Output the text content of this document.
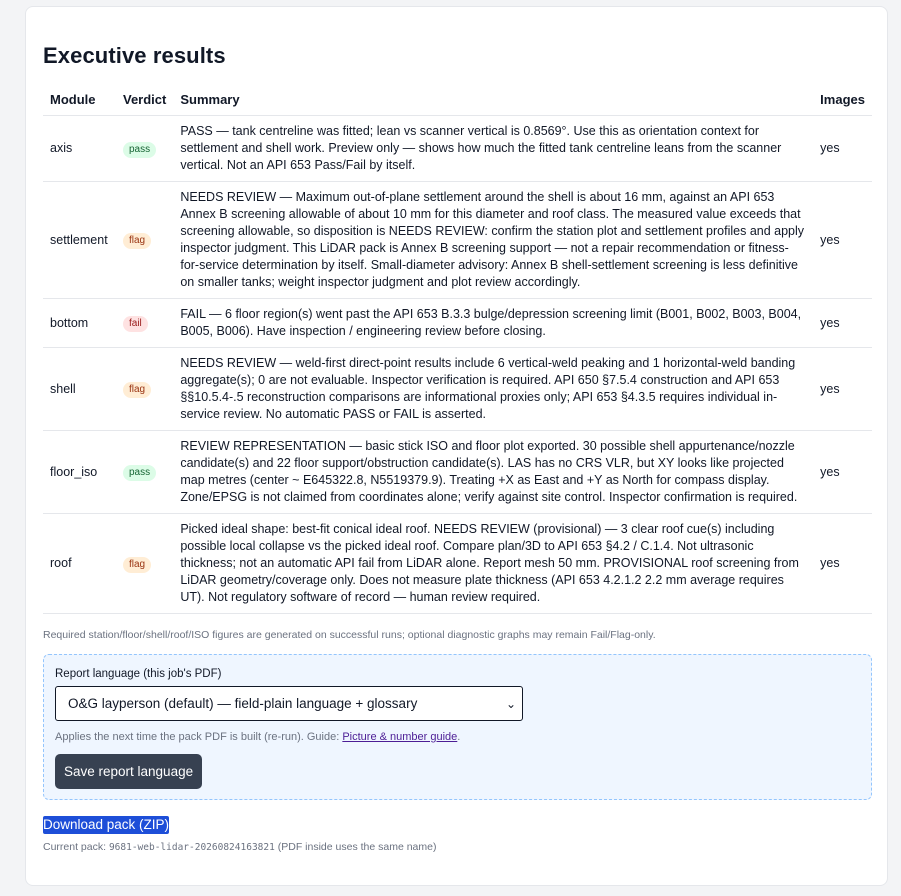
Executive results
Module	Verdict	Summary	Images
axis	pass	PASS — tank centreline was fitted; lean vs scanner vertical is 0.8569°. Use this as orientation context for settlement and shell work. Preview only — shows how much the fitted tank centreline leans from the scanner vertical. Not an API 653 Pass/Fail by itself.	yes
settlement	flag	NEEDS REVIEW — Maximum out-of-plane settlement around the shell is about 16 mm, against an API 653 Annex B screening allowable of about 10 mm for this diameter and roof class. The measured value exceeds that screening allowable, so disposition is NEEDS REVIEW: confirm the station plot and settlement profiles and apply inspector judgment. This LiDAR pack is Annex B screening support — not a repair recommendation or fitness-for-service determination by itself. Small-diameter advisory: Annex B shell-settlement screening is less definitive on smaller tanks; weight inspector judgment and plot review accordingly.	yes
bottom	fail	FAIL — 6 floor region(s) went past the API 653 B.3.3 bulge/depression screening limit (B001, B002, B003, B004, B005, B006). Have inspection / engineering review before closing.	yes
shell	flag	NEEDS REVIEW — weld-first direct-point results include 6 vertical-weld peaking and 1 horizontal-weld banding aggregate(s); 0 are not evaluable. Inspector verification is required. API 650 §7.5.4 construction and API 653 §§10.5.4-.5 reconstruction comparisons are informational proxies only; API 653 §4.3.5 requires individual in-service review. No automatic PASS or FAIL is asserted.	yes
floor_iso	pass	REVIEW REPRESENTATION — basic stick ISO and floor plot exported. 30 possible shell appurtenance/nozzle candidate(s) and 22 floor support/obstruction candidate(s). LAS has no CRS VLR, but XY looks like projected map metres (center ~ E645322.8, N5519379.9). Treating +X as East and +Y as North for compass display. Zone/EPSG is not claimed from coordinates alone; verify against site control. Inspector confirmation is required.	yes
roof	flag	Picked ideal shape: best-fit conical ideal roof. NEEDS REVIEW (provisional) — 3 clear roof cue(s) including possible local collapse vs the picked ideal roof. Compare plan/3D to API 653 §4.2 / C.1.4. Not ultrasonic thickness; not an automatic API fail from LiDAR alone. Report mesh 50 mm. PROVISIONAL roof screening from LiDAR geometry/coverage only. Does not measure plate thickness (API 653 4.2.1.2 2.2 mm average requires UT). Not regulatory software of record — human review required.	yes
Required station/floor/shell/roof/ISO figures are generated on successful runs; optional diagnostic graphs may remain Fail/Flag-only.
Report language (this job's PDF)
O&G layperson (default) — field-plain language + glossary	⌄
Applies the next time the pack PDF is built (re-run). Guide: Picture & number guide.
Save report language
Download pack (ZIP)
Current pack: 9681-web-lidar-20260824163821 (PDF inside uses the same name)
